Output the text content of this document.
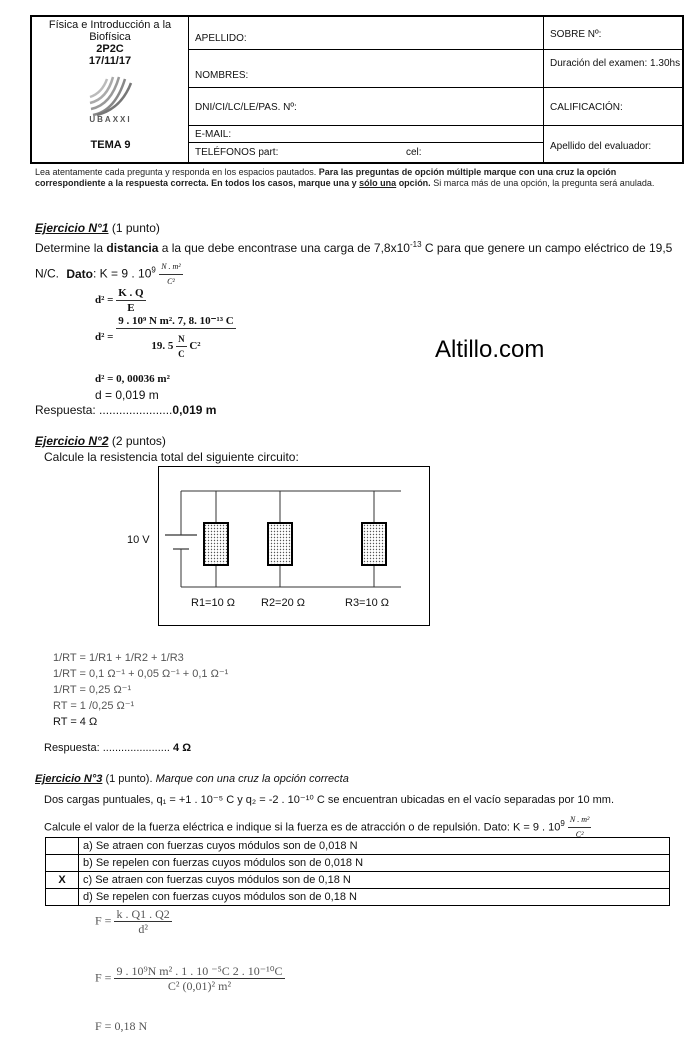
Física e Introducción a la Biofísica
2P2C
17/11/17
UBAXXI
TEMA 9
APELLIDO:
NOMBRES:
DNI/CI/LC/LE/PAS. Nº:
E-MAIL:
TELÉFONOS part:	cel:
SOBRE Nº:
Duración del examen: 1.30hs
CALIFICACIÓN:
Apellido del evaluador:
Lea atentamente cada pregunta y responda en los espacios pautados. Para las preguntas de opción múltiple marque con una cruz la opción correspondiente a la respuesta correcta. En todos los casos, marque una y sólo una opción. Si marca más de una opción, la pregunta será anulada.
Altillo.com
Ejercicio N°1 (1 punto)
Determine la distancia a la que debe encontrase una carga de $7,8x10^{-13}$ C para que genere un campo eléctrico de 19,5
N/C. Dato: K = 9 . $10^9 \frac{\text{N . m²}}{\text{C²}}$
$d^2 = \frac{K . Q}{E}$
$d^2 = \frac{\text{9 . 10⁹ N m². 7, 8. 10⁻¹³ C}}{19. 5 \frac{N}{C} C^2}$
d² = 0, 00036 m²
d = 0,019 m
Respuesta: ......................0,019 m
Ejercicio N°2 (2 puntos)
Calcule la resistencia total del siguiente circuito:
10 V
R1=10 Ω R2=20 Ω	R3=10 Ω
1/RT = 1/R1 + 1/R2 + 1/R3
1/RT = 0,1 Ω⁻¹ + 0,05 Ω⁻¹ + 0,1 Ω⁻¹
1/RT = 0,25 Ω⁻¹
RT = 1 /0,25 Ω⁻¹
RT = 4 Ω
Respuesta: ...................... 4 Ω
Ejercicio N°3 (1 punto). Marque con una cruz la opción correcta
Dos cargas puntuales, q₁ = +1 . 10⁻⁵ C y q₂ = -2 . 10⁻¹⁰ C se encuentran ubicadas en el vacío separadas por 10 mm.
Calcule el valor de la fuerza eléctrica e indique si la fuerza es de atracción o de repulsión. Dato: K = 9 . $10^9 \frac{\text{N . m²}}{\text{C²}}$
	a) Se atraen con fuerzas cuyos módulos son de 0,018 N
	b) Se repelen con fuerzas cuyos módulos son de 0,018 N
X	c) Se atraen con fuerzas cuyos módulos son de 0,18 N
	d) Se repelen con fuerzas cuyos módulos son de 0,18 N
$F = \frac{k . Q1 . Q2}{\text{d²}}$
$F = \frac{\text{9 . 10⁹N m² . 1 . 10 ⁻⁵C 2 . 10⁻¹⁰C}}{\text{C² (0,01)² m²}}$
F = 0,18 N
